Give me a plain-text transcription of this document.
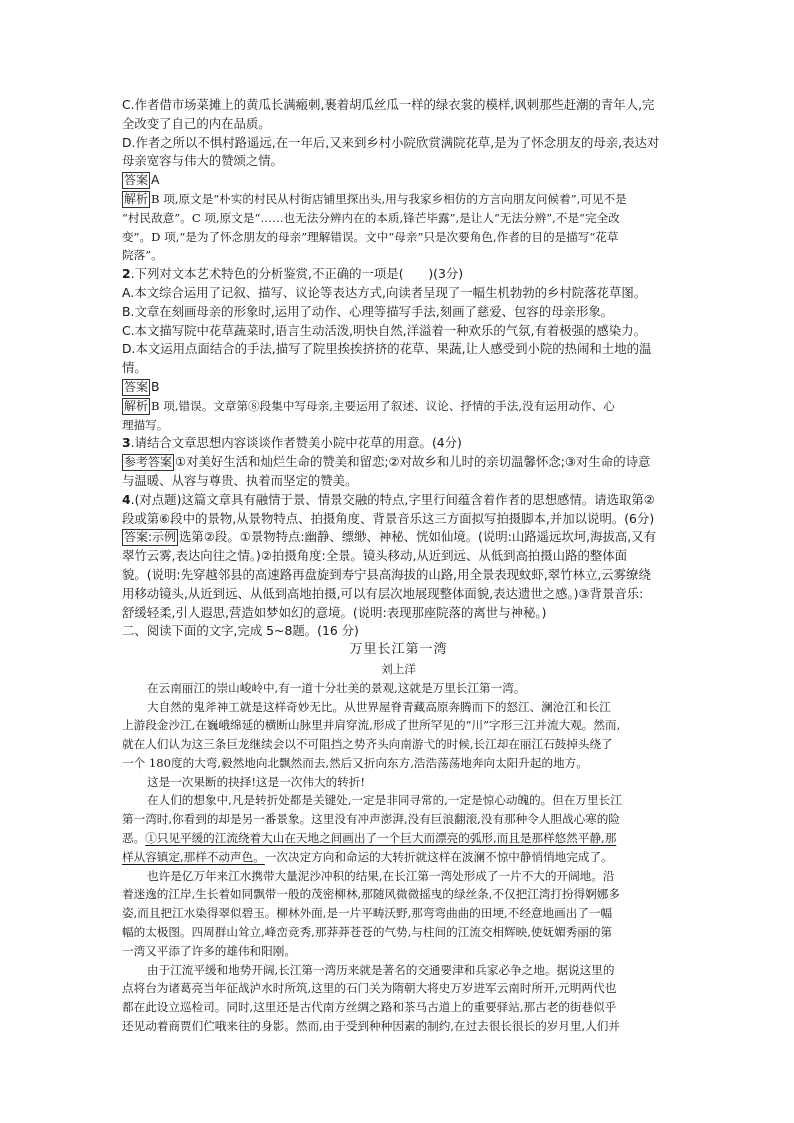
C.作者借市场菜摊上的黄瓜长满瘢刺,裹着胡瓜丝瓜一样的绿衣裳的模样,讽刺那些赶潮的青年人,完
全改变了自己的内在品质。
D.作者之所以不惧村路遥远,在一年后,又来到乡村小院欣赏满院花草,是为了怀念朋友的母亲,表达对
母亲宽容与伟大的赞颂之情。
答案 A
解析 B 项,原文是“朴实的村民从村街店铺里探出头,用与我家乡相仿的方言向朋友问候着”,可见不是
“村民敌意”。C 项,原文是“……也无法分辨内在的本质,锋芒毕露”,是让人“无法分辨”,不是“完全改
变”。D 项,“是为了怀念朋友的母亲”理解错误。文中“母亲”只是次要角色,作者的目的是描写“花草
院落”。
2.下列对文本艺术特色的分析鉴赏,不正确的一项是(　　)(3分)
A.本文综合运用了记叙、描写、议论等表达方式,向读者呈现了一幅生机勃勃的乡村院落花草图。
B.文章在刻画母亲的形象时,运用了动作、心理等描写手法,刻画了慈爱、包容的母亲形象。
C.本文描写院中花草蔬菜时,语言生动活泼,明快自然,洋溢着一种欢乐的气氛,有着极强的感染力。
D.本文运用点面结合的手法,描写了院里挨挨挤挤的花草、果蔬,让人感受到小院的热闹和土地的温
情。
答案 B
解析 B 项,错误。文章第⑧段集中写母亲,主要运用了叙述、议论、抒情的手法,没有运用动作、心
理描写。
3.请结合文章思想内容谈谈作者赞美小院中花草的用意。(4分)
参考答案 ①对美好生活和灿烂生命的赞美和留恋;②对故乡和儿时的亲切温馨怀念;③对生命的诗意
与温暖、从容与尊贵、执着而坚定的赞美。
4.(对点题)这篇文章具有融情于景、情景交融的特点,字里行间蕴含着作者的思想感情。请选取第②
段或第⑥段中的景物,从景物特点、拍摄角度、背景音乐这三方面拟写拍摄脚本,并加以说明。(6分)
答案:示例 选第②段。①景物特点:幽静、缥缈、神秘、恍如仙境。(说明:山路遥远坎坷,海拔高,又有
翠竹云雾,表达向往之情。)②拍摄角度:全景。镜头移动,从近到远、从低到高拍摄山路的整体面
貌。(说明:先穿越邻县的高速路再盘旋到寿宁县高海拔的山路,用全景表现蚊虾,翠竹林立,云雾缭绕
用移动镜头,从近到远、从低到高地拍摄,可以有层次地展现整体面貌,表达遗世之感。)③背景音乐:
舒缓轻柔,引人遐思,营造如梦如幻的意境。(说明:表现那座院落的离世与神秘。)
二、阅读下面的文字,完成 5~8题。(16 分)
万里长江第一湾
刘上洋
在云南丽江的崇山峻岭中,有一道十分壮美的景观,这就是万里长江第一湾。
大自然的鬼斧神工就是这样奇妙无比。从世界屋脊青藏高原奔腾而下的怒江、澜沧江和长江
上游段金沙江,在巍峨绵延的横断山脉里并肩穿流,形成了世所罕见的“川”字形三江并流大观。然而,
就在人们认为这三条巨龙继续会以不可阻挡之势齐头向南游弋的时候,长江却在丽江石鼓掉头绕了
一个 180度的大弯,毅然地向北飘然而去,然后又折向东方,浩浩荡荡地奔向太阳升起的地方。
这是一次果断的抉择!这是一次伟大的转折!
在人们的想象中,凡是转折处都是关键处,一定是非同寻常的,一定是惊心动魄的。但在万里长江
第一湾时,你看到的却是另一番景象。这里没有冲声澎湃,没有巨浪翻滚,没有那种令人胆战心寒的险
恶。①只见平缓的江流绕着大山在天地之间画出了一个巨大而漂亮的弧形,而且是那样悠然平静,那
样从容镇定,那样不动声色。一次决定方向和命运的大转折就这样在波澜不惊中静悄悄地完成了。
也许是亿万年来江水携带大量泥沙冲积的结果,在长江第一湾处形成了一片不大的开阔地。沿
着迷逸的江岸,生长着如同飘带一般的茂密柳林,那随风微微摇曳的绿丝条,不仅把江湾打扮得婀娜多
姿,而且把江水染得翠似碧玉。柳林外面,是一片平畴沃野,那弯弯曲曲的田埂,不经意地画出了一幅
幅的太极图。四周群山耸立,峰峦竞秀,那莽莽苍苍的气势,与柱间的江流交相辉映,使妩媚秀丽的第
一湾又平添了许多的雄伟和阳刚。
由于江流平缓和地势开阔,长江第一湾历来就是著名的交通要津和兵家必争之地。据说这里的
点将台为诸葛亮当年征战泸水时所筑,这里的石门关为隋朝大将史万岁进军云南时所开,元明两代也
都在此设立巡检司。同时,这里还是古代南方丝绸之路和茶马古道上的重要驿站,那古老的街巷似乎
还见动着商贾们伫哦来往的身影。然而,由于受到种种因素的制约,在过去很长很长的岁月里,人们并
